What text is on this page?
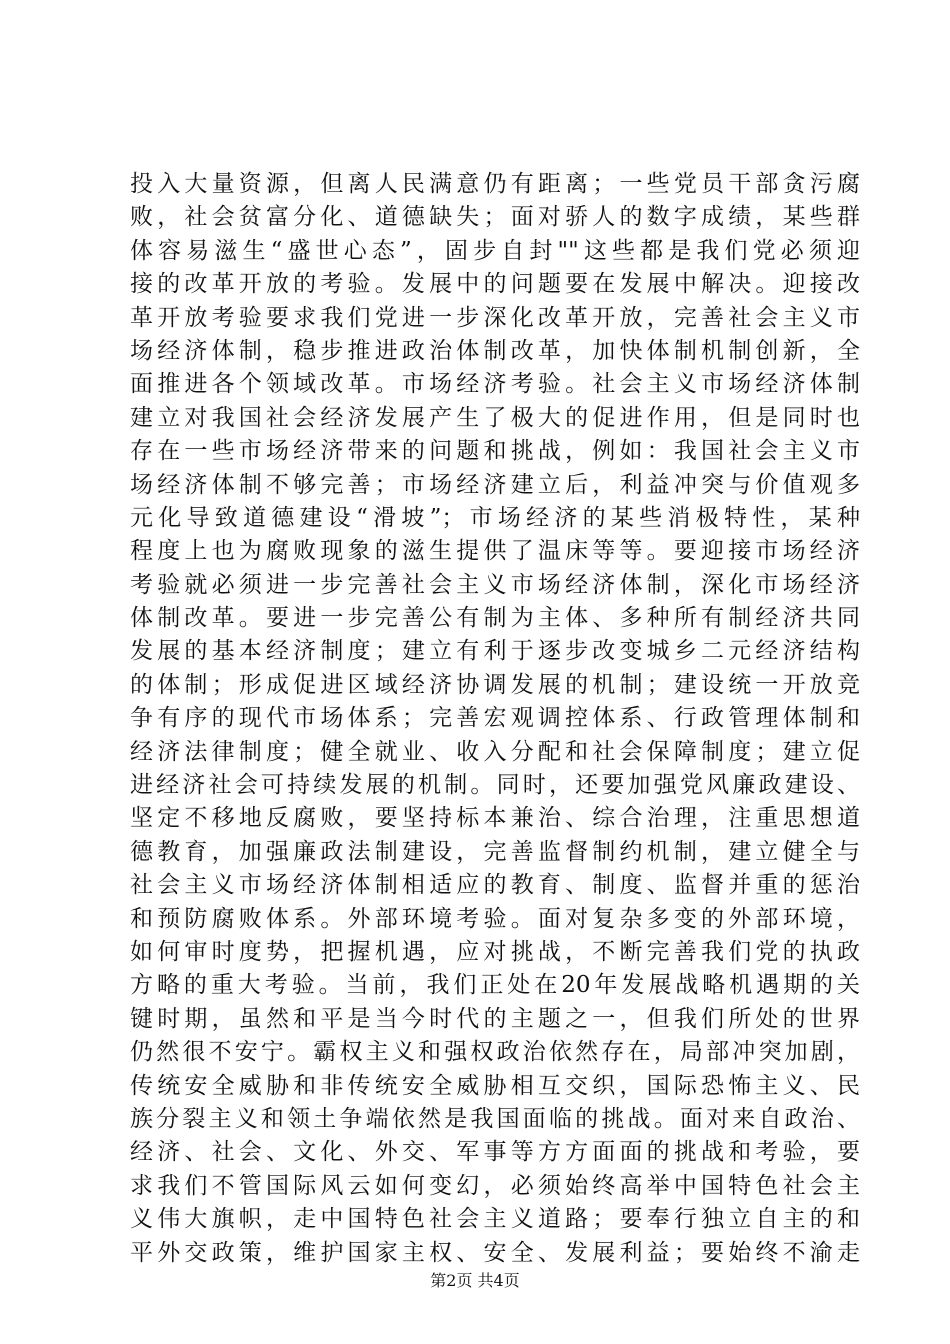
投入大量资源，但离人民满意仍有距离；一些党员干部贪污腐
败，社会贫富分化、道德缺失；面对骄人的数字成绩，某些群
体容易滋生“盛世心态”，固步自封""这些都是我们党必须迎
接的改革开放的考验。发展中的问题要在发展中解决。迎接改
革开放考验要求我们党进一步深化改革开放，完善社会主义市
场经济体制，稳步推进政治体制改革，加快体制机制创新，全
面推进各个领域改革。市场经济考验。社会主义市场经济体制
建立对我国社会经济发展产生了极大的促进作用，但是同时也
存在一些市场经济带来的问题和挑战，例如：我国社会主义市
场经济体制不够完善；市场经济建立后，利益冲突与价值观多
元化导致道德建设“滑坡”；市场经济的某些消极特性，某种
程度上也为腐败现象的滋生提供了温床等等。要迎接市场经济
考验就必须进一步完善社会主义市场经济体制，深化市场经济
体制改革。要进一步完善公有制为主体、多种所有制经济共同
发展的基本经济制度；建立有利于逐步改变城乡二元经济结构
的体制；形成促进区域经济协调发展的机制；建设统一开放竞
争有序的现代市场体系；完善宏观调控体系、行政管理体制和
经济法律制度；健全就业、收入分配和社会保障制度；建立促
进经济社会可持续发展的机制。同时，还要加强党风廉政建设、
坚定不移地反腐败，要坚持标本兼治、综合治理，注重思想道
德教育，加强廉政法制建设，完善监督制约机制，建立健全与
社会主义市场经济体制相适应的教育、制度、监督并重的惩治
和预防腐败体系。外部环境考验。面对复杂多变的外部环境，
如何审时度势，把握机遇，应对挑战，不断完善我们党的执政
方略的重大考验。当前，我们正处在20年发展战略机遇期的关
键时期，虽然和平是当今时代的主题之一，但我们所处的世界
仍然很不安宁。霸权主义和强权政治依然存在，局部冲突加剧，
传统安全威胁和非传统安全威胁相互交织，国际恐怖主义、民
族分裂主义和领土争端依然是我国面临的挑战。面对来自政治、
经济、社会、文化、外交、军事等方方面面的挑战和考验，要
求我们不管国际风云如何变幻，必须始终高举中国特色社会主
义伟大旗帜，走中国特色社会主义道路；要奉行独立自主的和
平外交政策，维护国家主权、安全、发展利益；要始终不渝走
第2页 共4页
